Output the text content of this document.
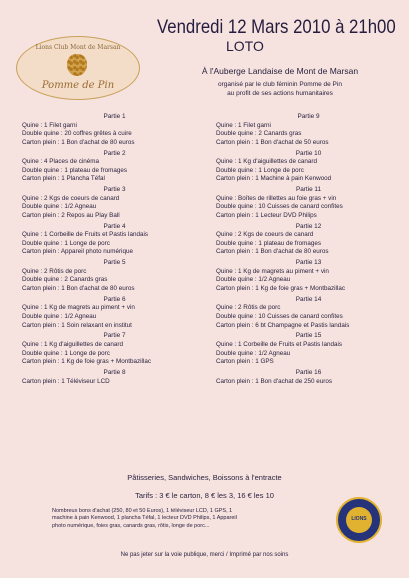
Lions Club Mont de Marsan
Pomme de Pin
Vendredi 12 Mars 2010 à 21h00
LOTO
À l'Auberge Landaise de Mont de Marsan
organisé par le club féminin Pomme de Pin
au profit de ses actions humanitaires
Partie 1
Quine : 1 Filet garni
Double quine : 20 coffres grêtes à cuire
Carton plein : 1 Bon d'achat de 80 euros
Partie 2
Quine : 4 Places de cinéma
Double quine : 1 plateau de fromages
Carton plein : 1 Plancha Téfal
Partie 3
Quine : 2 Kgs de coeurs de canard
Double quine : 1/2 Agneau
Carton plein : 2 Repos au Play Ball
Partie 4
Quine : 1 Corbeille de Fruits et Pastis landais
Double quine : 1 Longe de porc
Carton plein : Appareil photo numérique
Partie 5
Quine : 2 Rôtis de porc
Double quine : 2 Canards gras
Carton plein : 1 Bon d'achat de 80 euros
Partie 6
Quine : 1 Kg de magrets au piment + vin
Double quine : 1/2 Agneau
Carton plein : 1 Soin relaxant en institut
Partie 7
Quine : 1 Kg d'aiguillettes de canard
Double quine : 1 Longe de porc
Carton plein : 1 Kg de foie gras + Montbazillac
Partie 8
Carton plein : 1 Téléviseur LCD
Partie 9
Quine : 1 Filet garni
Double quine : 2 Canards gras
Carton plein : 1 Bon d'achat de 50 euros
Partie 10
Quine : 1 Kg d'aiguillettes de canard
Double quine : 1 Longe de porc
Carton plein : 1 Machine à pain Kenwood
Partie 11
Quine : Boîtes de rillettes au foie gras + vin
Double quine : 10 Cuisses de canard confites
Carton plein : 1 Lecteur DVD Philips
Partie 12
Quine : 2 Kgs de coeurs de canard
Double quine : 1 plateau de fromages
Carton plein : 1 Bon d'achat de 80 euros
Partie 13
Quine : 1 Kg de magrets au piment + vin
Double quine : 1/2 Agneau
Carton plein : 1 Kg de foie gras + Montbazillac
Partie 14
Quine : 2 Rôtis de porc
Double quine : 10 Cuisses de canard confites
Carton plein : 6 bt Champagne et Pastis landais
Partie 15
Quine : 1 Corbeille de Fruits et Pastis landais
Double quine : 1/2 Agneau
Carton plein : 1 GPS
Partie 16
Carton plein : 1 Bon d'achat de 250 euros
Pâtisseries, Sandwiches, Boissons à l'entracte
Tarifs : 3 € le carton, 8 € les 3, 16 € les 10
Nombreux bons d'achat (250, 80 et 50 Euros), 1 téléviseur LCD, 1 GPS, 1
machine à pain Kenwood, 1 plancha Téfal, 1 lecteur DVD Philips, 1 Appareil
photo numérique, foies gras, canards gras, rôtis, longe de porc...
LIONS
Ne pas jeter sur la voie publique, merci / Imprimé par nos soins
